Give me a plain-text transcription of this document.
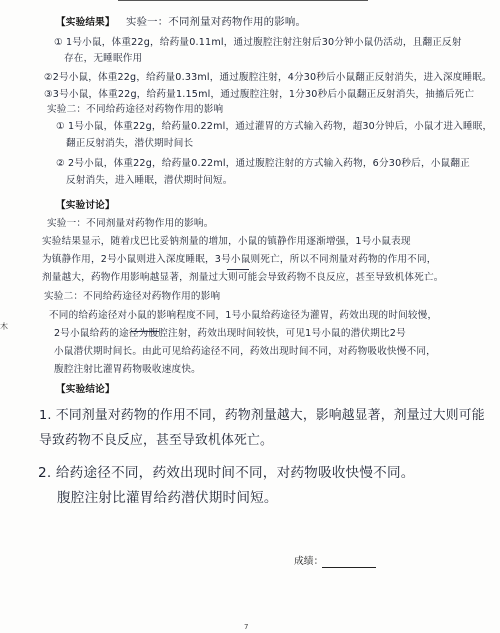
【实验结果】 实验一：不同剂量对药物作用的影响。
① 1号小鼠，体重22g，给药量0.11ml，通过腹腔注射注射后30分钟小鼠仍活动，且翻正反射
存在，无睡眠作用
②2号小鼠，体重22g，给药量0.33ml，通过腹腔注射，4分30秒后小鼠翻正反射消失，进入深度睡眠。
③3号小鼠，体重22g，给药量1.15ml，通过腹腔注射，1分30秒后小鼠翻正反射消失，抽搐后死亡
实验二：不同给药途径对药物作用的影响
① 1号小鼠，体重22g，给药量0.22ml，通过灌胃的方式输入药物，超30分钟后，小鼠才进入睡眠，
翻正反射消失，潜伏期时间长
② 2号小鼠，体重22g，给药量0.22ml，通过腹腔注射的方式输入药物，6分30秒后，小鼠翻正
反射消失，进入睡眠，潜伏期时间短。
【实验讨论】
实验一：不同剂量对药物作用的影响。
实验结果显示，随着戊巴比妥钠剂量的增加，小鼠的镇静作用逐渐增强，1号小鼠表现
为镇静作用，2号小鼠则进入深度睡眠，3号小鼠则死亡，所以不同剂量对药物的作用不同，
剂量越大，药物作用影响越显著，剂量过大则可能会导致药物不良反应，甚至导致机体死亡。
实验二：不同给药途径对药物作用的影响
不同的给药途径对小鼠的影响程度不同，1号小鼠给药途径为灌胃，药效出现的时间较慢，
2号小鼠给药的途径为腹腔注射，药效出现时间较快，可见1号小鼠的潜伏期比2号
小鼠潜伏期时间长。由此可见给药途径不同，药效出现时间不同，对药物吸收快慢不同，
腹腔注射比灌胃药物吸收速度快。
【实验结论】
1. 不同剂量对药物的作用不同，药物剂量越大，影响越显著，剂量过大则可能
导致药物不良反应，甚至导致机体死亡。
2. 给药途径不同，药效出现时间不同，对药物吸收快慢不同。
腹腔注射比灌胃给药潜伏期时间短。
木
成绩：
7
